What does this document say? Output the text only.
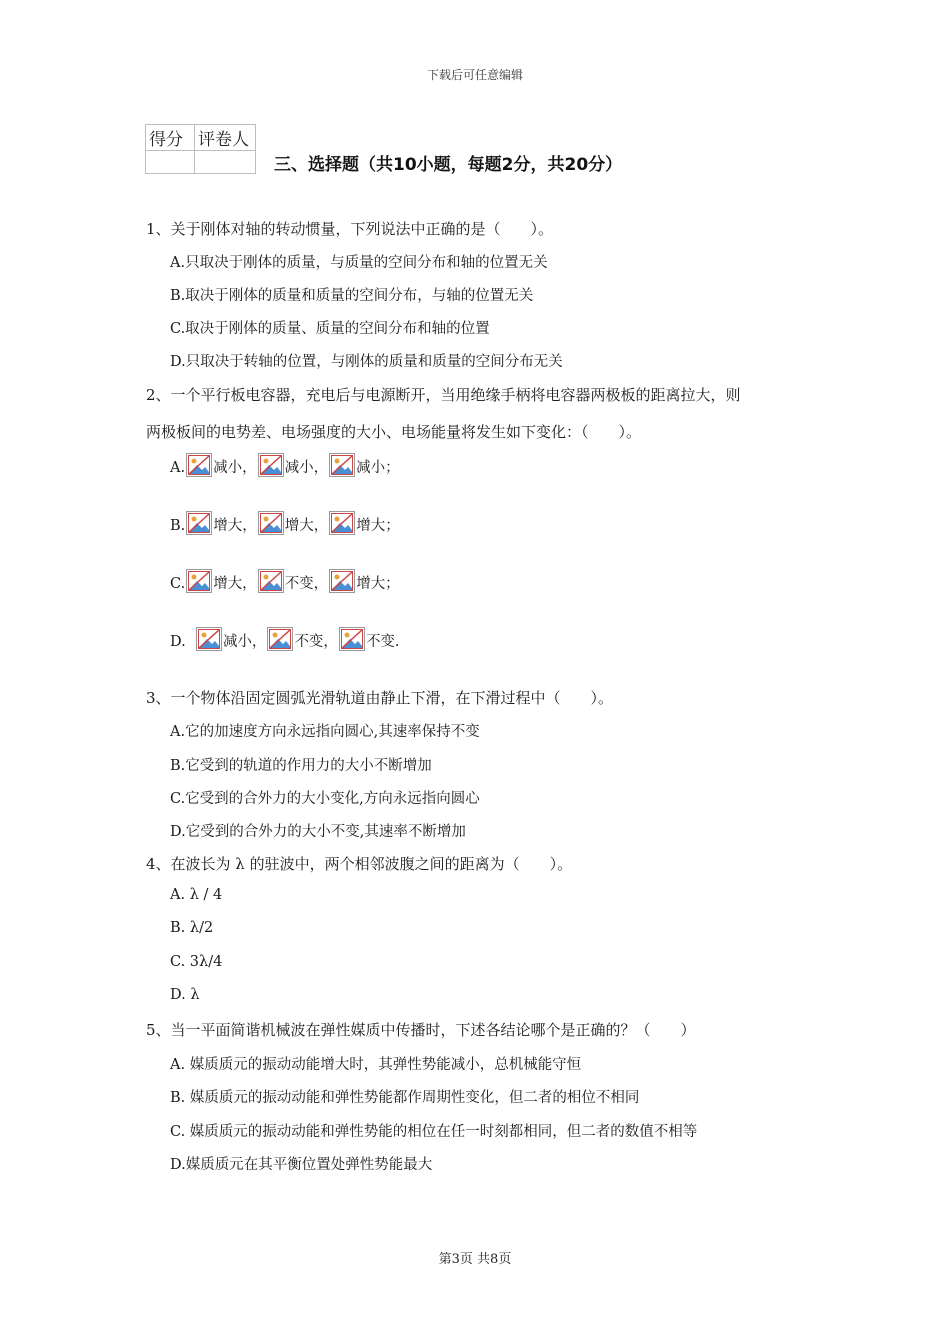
下载后可任意编辑
得分	评卷人

三、选择题（共10小题，每题2分，共20分）
1、关于刚体对轴的转动惯量，下列说法中正确的是（　　）。
A.只取决于刚体的质量，与质量的空间分布和轴的位置无关
B.取决于刚体的质量和质量的空间分布，与轴的位置无关
C.取决于刚体的质量、质量的空间分布和轴的位置
D.只取决于转轴的位置，与刚体的质量和质量的空间分布无关
2、一个平行板电容器，充电后与电源断开，当用绝缘手柄将电容器两极板的距离拉大，则
两极板间的电势差、电场强度的大小、电场能量将发生如下变化：（　　）。
A. 减小， 减小， 减小；
B. 增大， 增大， 增大；
C. 增大， 不变， 增大；
D.	减小， 不变， 不变.
3、一个物体沿固定圆弧光滑轨道由静止下滑，在下滑过程中（　　）。
A.它的加速度方向永远指向圆心,其速率保持不变
B.它受到的轨道的作用力的大小不断增加
C.它受到的合外力的大小变化,方向永远指向圆心
D.它受到的合外力的大小不变,其速率不断增加
4、在波长为 λ 的驻波中，两个相邻波腹之间的距离为（　　）。
A. λ / 4
B. λ/2
C. 3λ/4
D. λ
5、当一平面简谐机械波在弹性媒质中传播时，下述各结论哪个是正确的？（　　）
A. 媒质质元的振动动能增大时，其弹性势能减小，总机械能守恒
B. 媒质质元的振动动能和弹性势能都作周期性变化，但二者的相位不相同
C. 媒质质元的振动动能和弹性势能的相位在任一时刻都相同，但二者的数值不相等
D.媒质质元在其平衡位置处弹性势能最大
第3页 共8页
